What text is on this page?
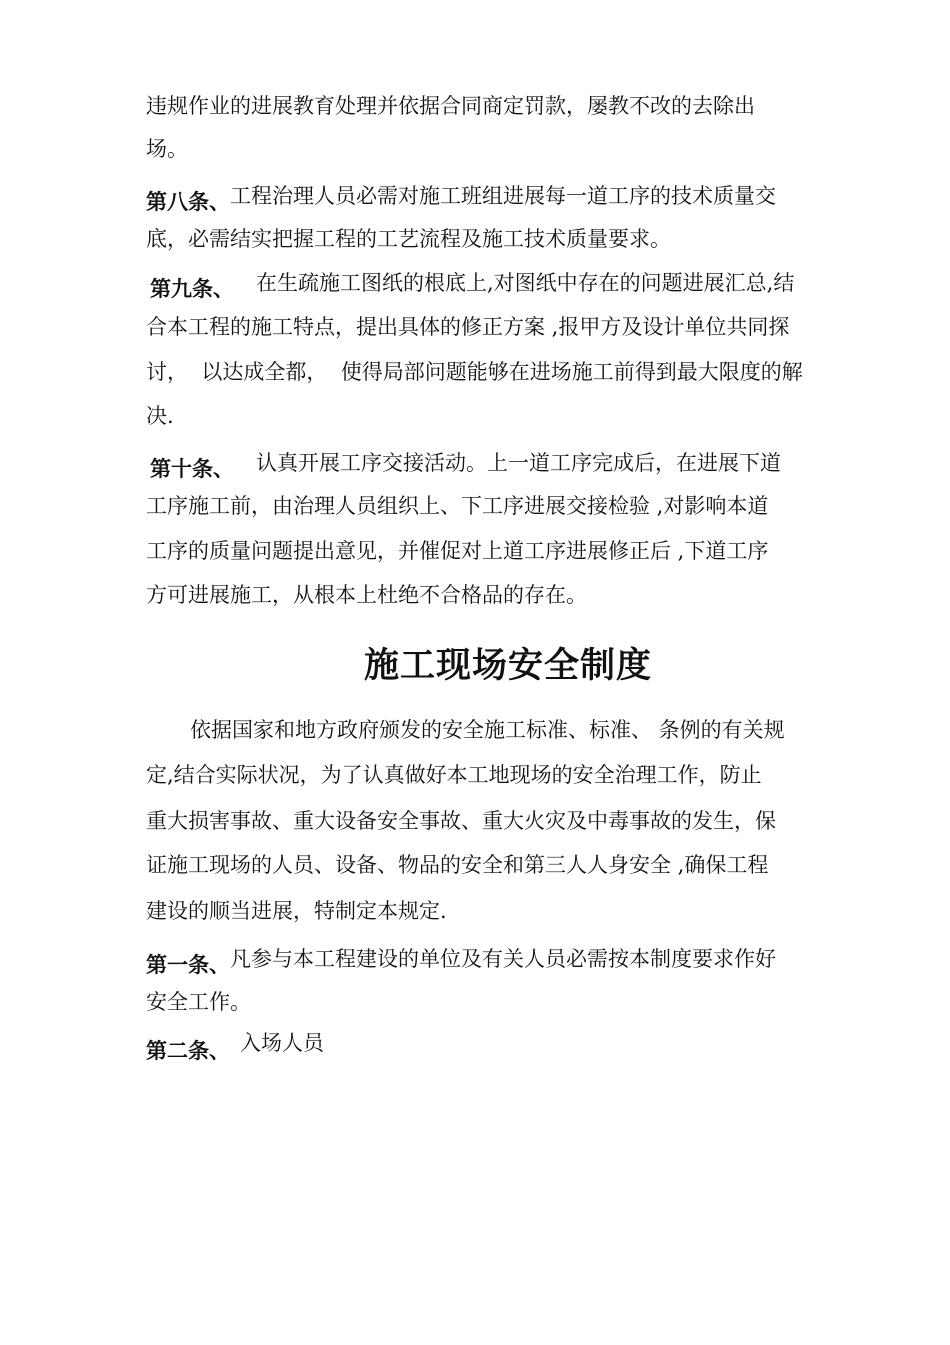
违规作业的进展教育处理并依据合同商定罚款，屡教不改的去除出
场。
第八条、工程治理人员必需对施工班组进展每一道工序的技术质量交
底，必需结实把握工程的工艺流程及施工技术质量要求。
第九条、 在生疏施工图纸的根底上,对图纸中存在的问题进展汇总,结
合本工程的施工特点，提出具体的修正方案 ,报甲方及设计单位共同探
讨，  以达成全都，  使得局部问题能够在进场施工前得到最大限度的解
决.
第十条、 认真开展工序交接活动。上一道工序完成后，在进展下道
工序施工前，由治理人员组织上、下工序进展交接检验 ,对影响本道
工序的质量问题提出意见，并催促对上道工序进展修正后 ,下道工序
方可进展施工，从根本上杜绝不合格品的存在。
施工现场安全制度
依据国家和地方政府颁发的安全施工标准、标准、 条例的有关规
定,结合实际状况，为了认真做好本工地现场的安全治理工作，防止
重大损害事故、重大设备安全事故、重大火灾及中毒事故的发生，保
证施工现场的人员、设备、物品的安全和第三人人身安全 ,确保工程
建设的顺当进展，特制定本规定.
第一条、凡参与本工程建设的单位及有关人员必需按本制度要求作好
安全工作。
第二条、 入场人员
